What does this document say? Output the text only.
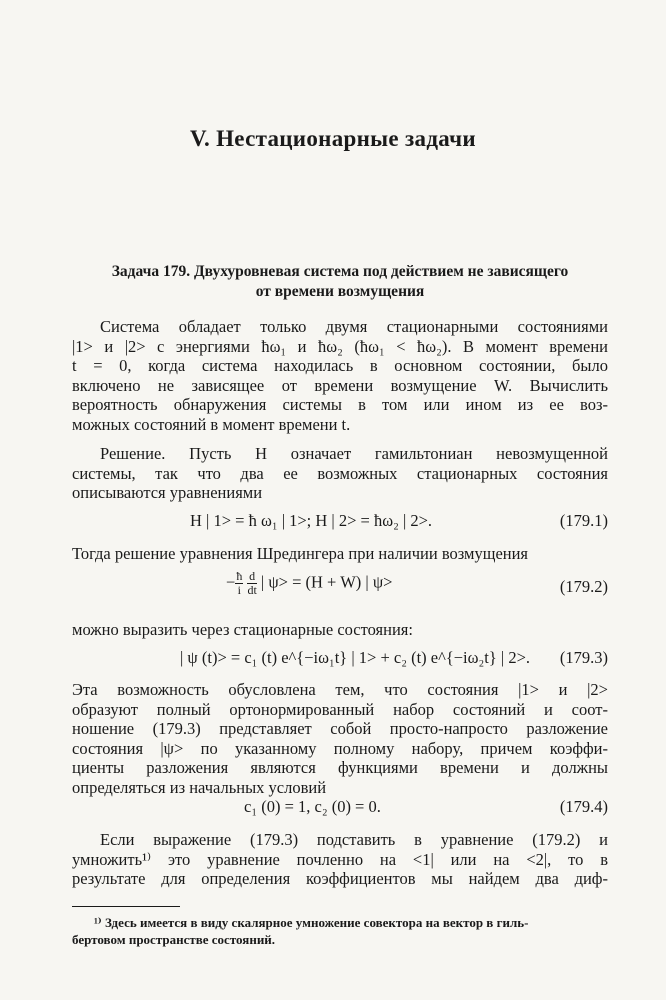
V. Нестационарные задачи
Задача 179. Двухуровневая система под действием не зависящего
от времени возмущения
Система обладает только двумя стационарными состояниями
|1> и |2> с энергиями ħω₁ и ħω₂ (ħω₁ < ħω₂). В момент времени
t = 0, когда система находилась в основном состоянии, было
включено не зависящее от времени возмущение W. Вычислить
вероятность обнаружения системы в том или ином из ее воз-
можных состояний в момент времени t.
Решение. Пусть H означает гамильтониан невозмущенной
системы, так что два ее возможных стационарных состояния
описываются уравнениями
H | 1> = ħ ω₁ | 1>; H | 2> = ħω₂ | 2>.	(179.1)
Тогда решение уравнения Шредингера при наличии возмущения
− $\frac{ħ}{i}$
$\frac{d}{dt}$ | ψ> = (H + W) | ψ>	(179.2)
можно выразить через стационарные состояния:
| ψ (t)> = c₁ (t) e^{−iω₁t} | 1> + c₂ (t) e^{−iω₂t} | 2>. (179.3)
Эта возможность обусловлена тем, что состояния |1> и |2>
образуют полный ортонормированный набор состояний и соот-
ношение (179.3) представляет собой просто-напросто разложение
состояния |ψ> по указанному полному набору, причем коэффи-
циенты разложения являются функциями времени и должны
определяться из начальных условий
c₁ (0) = 1, c₂ (0) = 0.	(179.4)
Если выражение (179.3) подставить в уравнение (179.2) и
умножить¹⁾ это уравнение почленно на <1| или на <2|, то в
результате для определения коэффициентов мы найдем два диф-
¹⁾ Здесь имеется в виду скалярное умножение совектора на вектор в гиль-
бертовом пространстве состояний.
